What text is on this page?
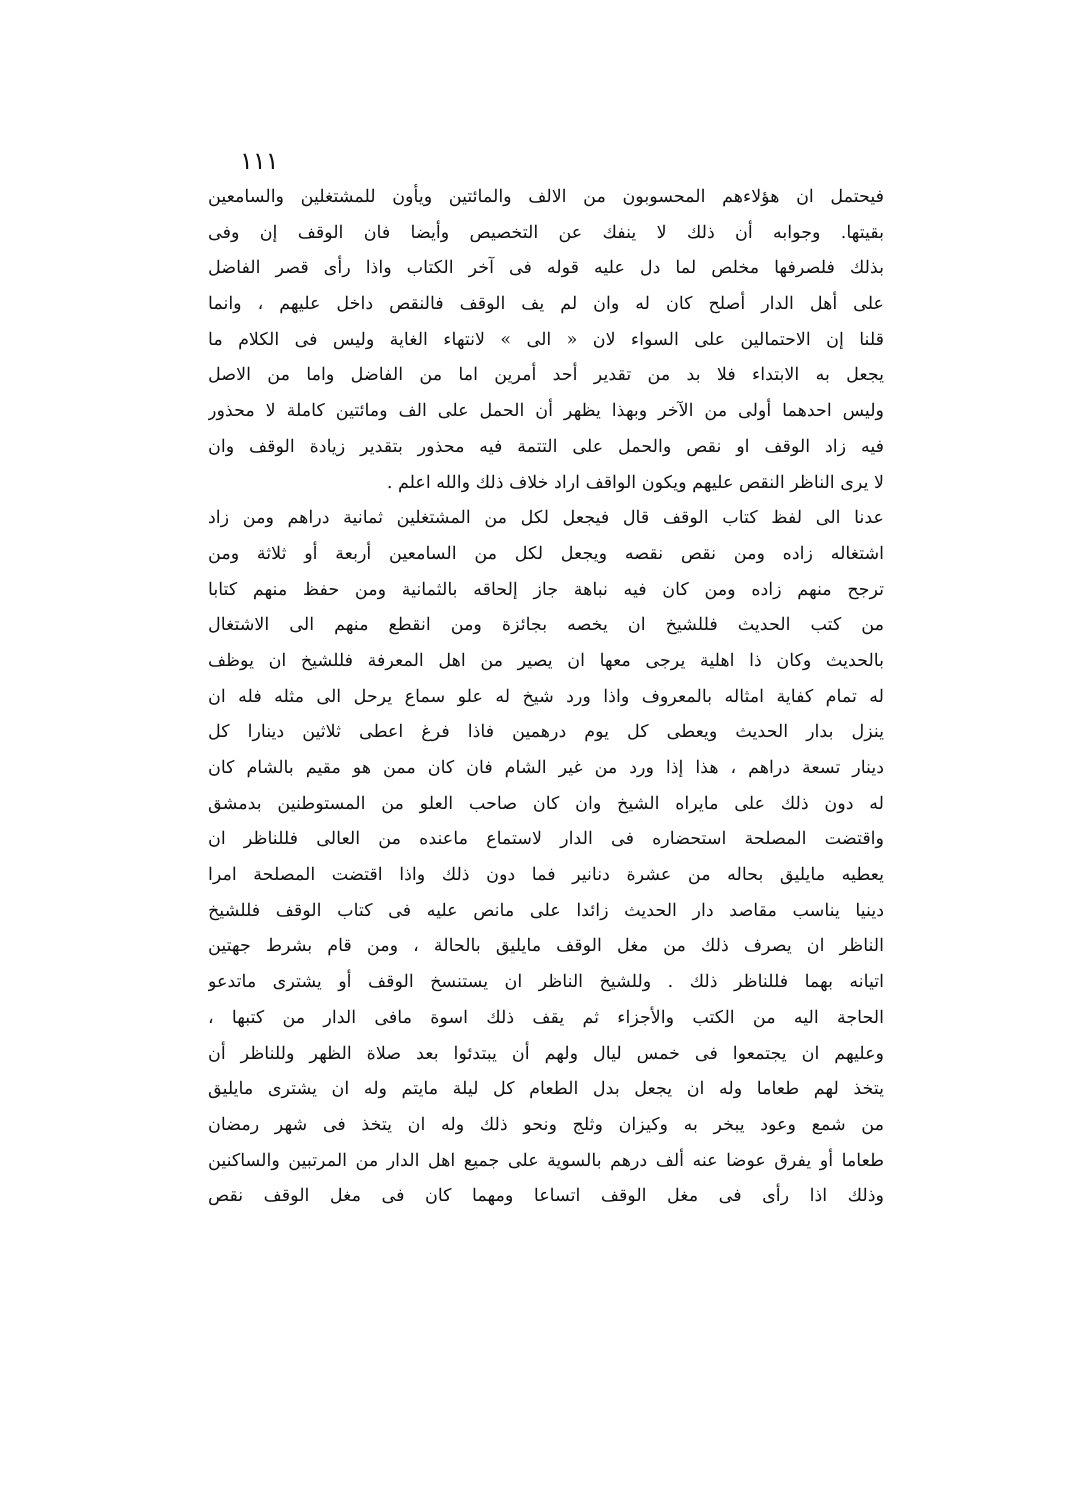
١١١
فيحتمل ان هؤلاءهم المحسوبون من الالف والمائتين ويأون للمشتغلين والسامعين
بقيتها. وجوابه أن ذلك لا ينفك عن التخصيص وأيضا فان الوقف إن وفى
بذلك فلصرفها مخلص لما دل عليه قوله فى آخر الكتاب واذا رأى قصر الفاضل
على أهل الدار أصلح كان له وان لم يف الوقف فالنقص داخل عليهم ، وانما
قلنا إن الاحتمالين على السواء لان « الى » لانتهاء الغاية وليس فى الكلام ما
يجعل به الابتداء فلا بد من تقدير أحد أمرين اما من الفاضل واما من الاصل
وليس احدهما أولى من الآخر وبهذا يظهر أن الحمل على الف ومائتين كاملة لا محذور
فيه زاد الوقف او نقص والحمل على التتمة فيه محذور بتقدير زيادة الوقف وان
لا يرى الناظر النقص عليهم ويكون الواقف اراد خلاف ذلك والله اعلم .
عدنا الى لفظ كتاب الوقف قال فيجعل لكل من المشتغلين ثمانية دراهم ومن زاد
اشتغاله زاده ومن نقص نقصه ويجعل لكل من السامعين أربعة أو ثلاثة ومن
ترجح منهم زاده ومن كان فيه نباهة جاز إلحاقه بالثمانية ومن حفظ منهم كتابا
من كتب الحديث فللشيخ ان يخصه بجائزة ومن انقطع منهم الى الاشتغال
بالحديث وكان ذا اهلية يرجى معها ان يصير من اهل المعرفة فللشيخ ان يوظف
له تمام كفاية امثاله بالمعروف واذا ورد شيخ له علو سماع يرحل الى مثله فله ان
ينزل بدار الحديث ويعطى كل يوم درهمين فاذا فرغ اعطى ثلاثين دينارا كل
دينار تسعة دراهم ، هذا إذا ورد من غير الشام فان كان ممن هو مقيم بالشام كان
له دون ذلك على مايراه الشيخ وان كان صاحب العلو من المستوطنين بدمشق
واقتضت المصلحة استحضاره فى الدار لاستماع ماعنده من العالى فللناظر ان
يعطيه مايليق بحاله من عشرة دنانير فما دون ذلك واذا اقتضت المصلحة امرا
دينيا يناسب مقاصد دار الحديث زائدا على مانص عليه فى كتاب الوقف فللشيخ
الناظر ان يصرف ذلك من مغل الوقف مايليق بالحالة ، ومن قام بشرط جهتين
اتيانه بهما فللناظر ذلك . وللشيخ الناظر ان يستنسخ الوقف أو يشترى ماتدعو
الحاجة اليه من الكتب والأجزاء ثم يقف ذلك اسوة مافى الدار من كتبها ،
وعليهم ان يجتمعوا فى خمس ليال ولهم أن يبتدئوا بعد صلاة الظهر وللناظر أن
يتخذ لهم طعاما وله ان يجعل بدل الطعام كل ليلة مايتم وله ان يشترى مايليق
من شمع وعود يبخر به وكيزان وثلج ونحو ذلك وله ان يتخذ فى شهر رمضان
طعاما أو يفرق عوضا عنه ألف درهم بالسوية على جميع اهل الدار من المرتبين والساكنين
وذلك اذا رأى فى مغل الوقف اتساعا ومهما كان فى مغل الوقف نقص
